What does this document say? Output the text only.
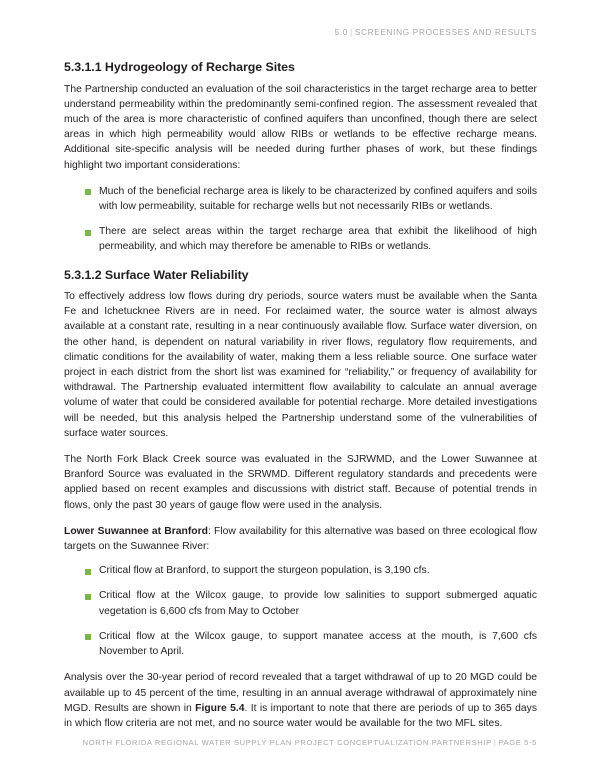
5.0 | SCREENING PROCESSES AND RESULTS
5.3.1.1 Hydrogeology of Recharge Sites

The Partnership conducted an evaluation of the soil characteristics in the target recharge area to better understand permeability within the predominantly semi-confined region. The assessment revealed that much of the area is more characteristic of confined aquifers than unconfined, though there are select areas in which high permeability would allow RIBs or wetlands to be effective recharge means. Additional site-specific analysis will be needed during further phases of work, but these findings highlight two important considerations:

Much of the beneficial recharge area is likely to be characterized by confined aquifers and soils with low permeability, suitable for recharge wells but not necessarily RIBs or wetlands.
There are select areas within the target recharge area that exhibit the likelihood of high permeability, and which may therefore be amenable to RIBs or wetlands.
5.3.1.2 Surface Water Reliability

To effectively address low flows during dry periods, source waters must be available when the Santa Fe and Ichetucknee Rivers are in need. For reclaimed water, the source water is almost always available at a constant rate, resulting in a near continuously available flow. Surface water diversion, on the other hand, is dependent on natural variability in river flows, regulatory flow requirements, and climatic conditions for the availability of water, making them a less reliable source. One surface water project in each district from the short list was examined for “reliability,” or frequency of availability for withdrawal. The Partnership evaluated intermittent flow availability to calculate an annual average volume of water that could be considered available for potential recharge. More detailed investigations will be needed, but this analysis helped the Partnership understand some of the vulnerabilities of surface water sources.

The North Fork Black Creek source was evaluated in the SJRWMD, and the Lower Suwannee at Branford Source was evaluated in the SRWMD. Different regulatory standards and precedents were applied based on recent examples and discussions with district staff. Because of potential trends in flows, only the past 30 years of gauge flow were used in the analysis.

Lower Suwannee at Branford: Flow availability for this alternative was based on three ecological flow targets on the Suwannee River:

Critical flow at Branford, to support the sturgeon population, is 3,190 cfs.
Critical flow at the Wilcox gauge, to provide low salinities to support submerged aquatic vegetation is 6,600 cfs from May to October
Critical flow at the Wilcox gauge, to support manatee access at the mouth, is 7,600 cfs November to April.

Analysis over the 30-year period of record revealed that a target withdrawal of up to 20 MGD could be available up to 45 percent of the time, resulting in an annual average withdrawal of approximately nine MGD. Results are shown in Figure 5.4. It is important to note that there are periods of up to 365 days in which flow criteria are not met, and no source water would be available for the two MFL sites.

NORTH FLORIDA REGIONAL WATER SUPPLY PLAN PROJECT CONCEPTUALIZATION PARTNERSHIP | PAGE 5-5
